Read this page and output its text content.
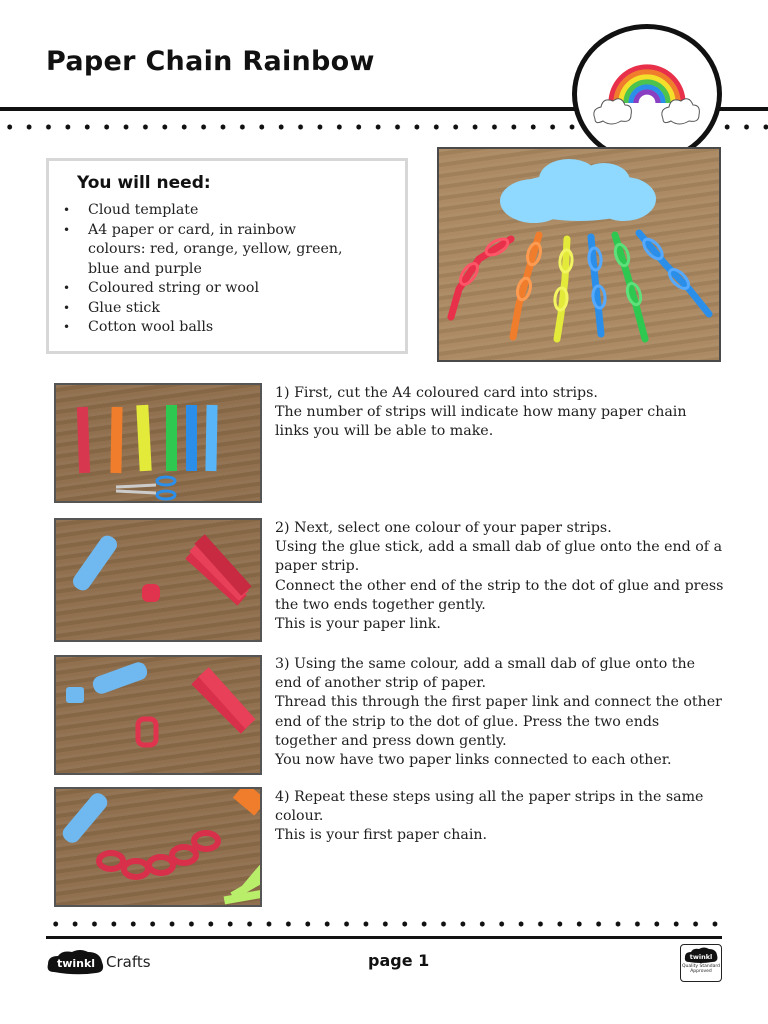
Paper Chain Rainbow
You will need:
• Cloud template
• A4 paper or card, in rainbow colours: red, orange, yellow, green, blue and purple
• Coloured string or wool
• Glue stick
• Cotton wool balls

1) First, cut the A4 coloured card into strips.

The number of strips will indicate how many paper chain links you will be able to make.

2) Next, select one colour of your paper strips.

Using the glue stick, add a small dab of glue onto the end of a paper strip.

Connect the other end of the strip to the dot of glue and press the two ends together gently.

This is your paper link.

3) Using the same colour, add a small dab of glue onto the end of another strip of paper.

Thread this through the first paper link and connect the other end of the strip to the dot of glue. Press the two ends together and press down gently.

You now have two paper links connected to each other.

4) Repeat these steps using all the paper strips in the same colour.

This is your first paper chain.

twinkl Crafts	page 1	twinkl
Quality Standard Approved
